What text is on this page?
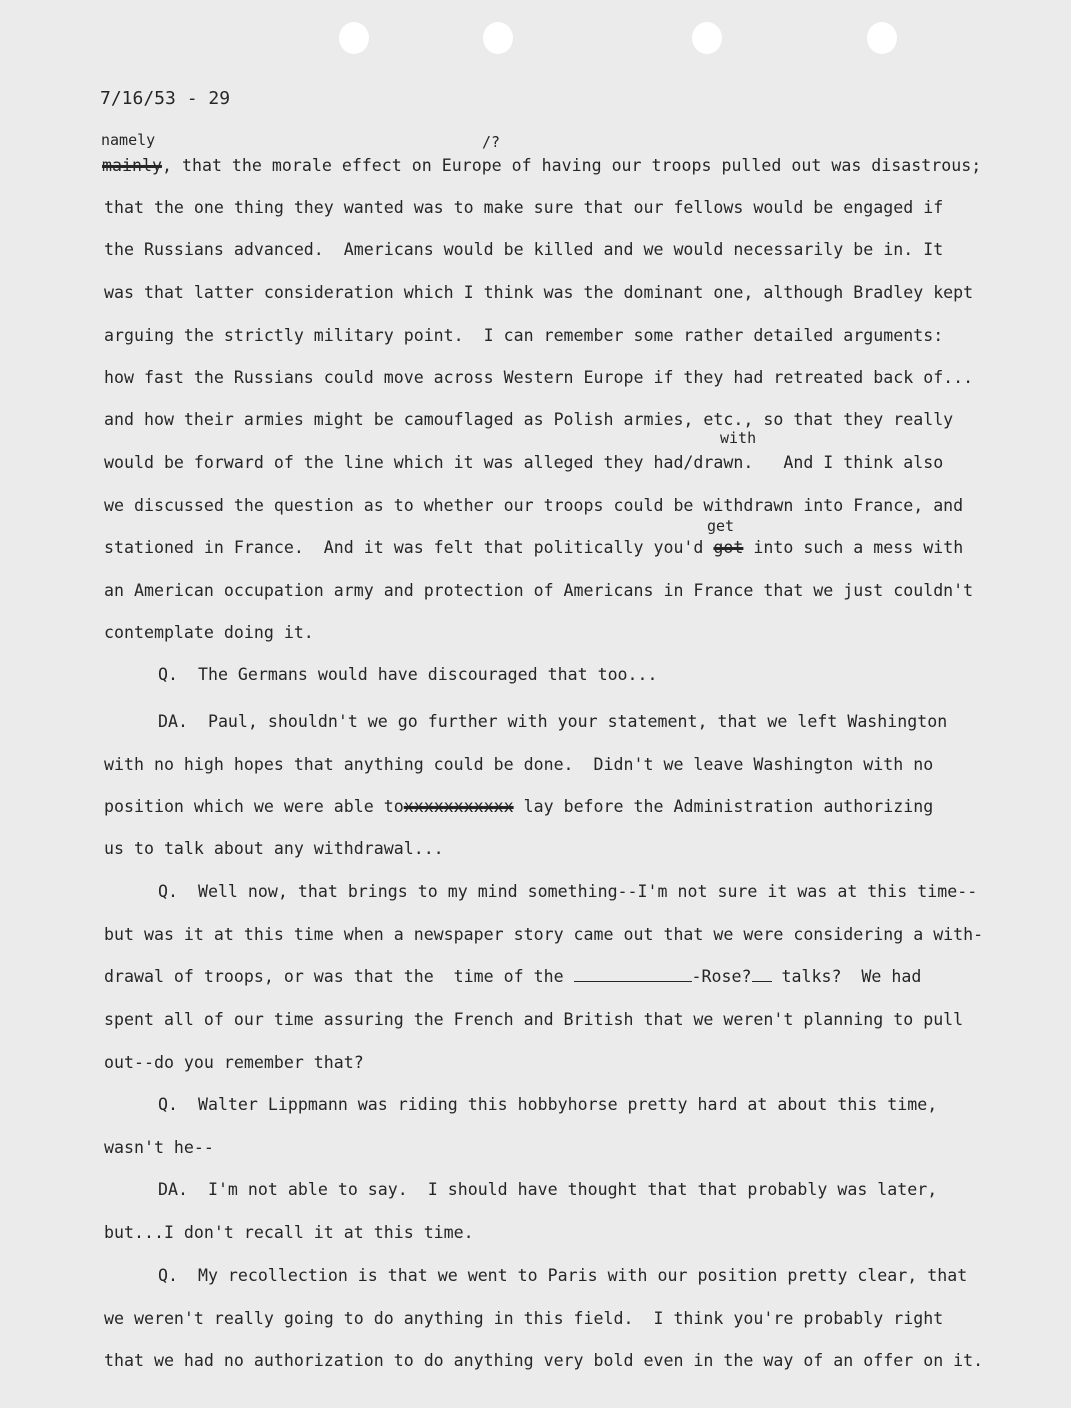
7/16/53 - 29
namely	/?
mainly , that the morale effect on Europe of having our troops pulled out was disastrous;
that the one thing they wanted was to make sure that our fellows would be engaged if
the Russians advanced.  Americans would be killed and we would necessarily be in. It
was that latter consideration which I think was the dominant one, although Bradley kept
arguing the strictly military point.  I can remember some rather detailed arguments:
how fast the Russians could move across Western Europe if they had retreated back of...
and how their armies might be camouflaged as Polish armies, etc., so that they really
with
would be forward of the line which it was alleged they had/drawn.   And I think also
we discussed the question as to whether our troops could be withdrawn into France, and
get
stationed in France.  And it was felt that politically you'd got into such a mess with
an American occupation army and protection of Americans in France that we just couldn't
contemplate doing it.
Q.  The Germans would have discouraged that too...
DA.  Paul, shouldn't we go further with your statement, that we left Washington
with no high hopes that anything could be done.  Didn't we leave Washington with no
position which we were able toxxxxxxxxxxx lay before the Administration authorizing
us to talk about any withdrawal...
Q.  Well now, that brings to my mind something--I'm not sure it was at this time--
but was it at this time when a newspaper story came out that we were considering a with-
drawal of troops, or was that the  time of the	-Rose? talks?  We had
spent all of our time assuring the French and British that we weren't planning to pull
out--do you remember that?
Q.  Walter Lippmann was riding this hobbyhorse pretty hard at about this time,
wasn't he--
DA.  I'm not able to say.  I should have thought that that probably was later,
but...I don't recall it at this time.
Q.  My recollection is that we went to Paris with our position pretty clear, that
we weren't really going to do anything in this field.  I think you're probably right
that we had no authorization to do anything very bold even in the way of an offer on it.
